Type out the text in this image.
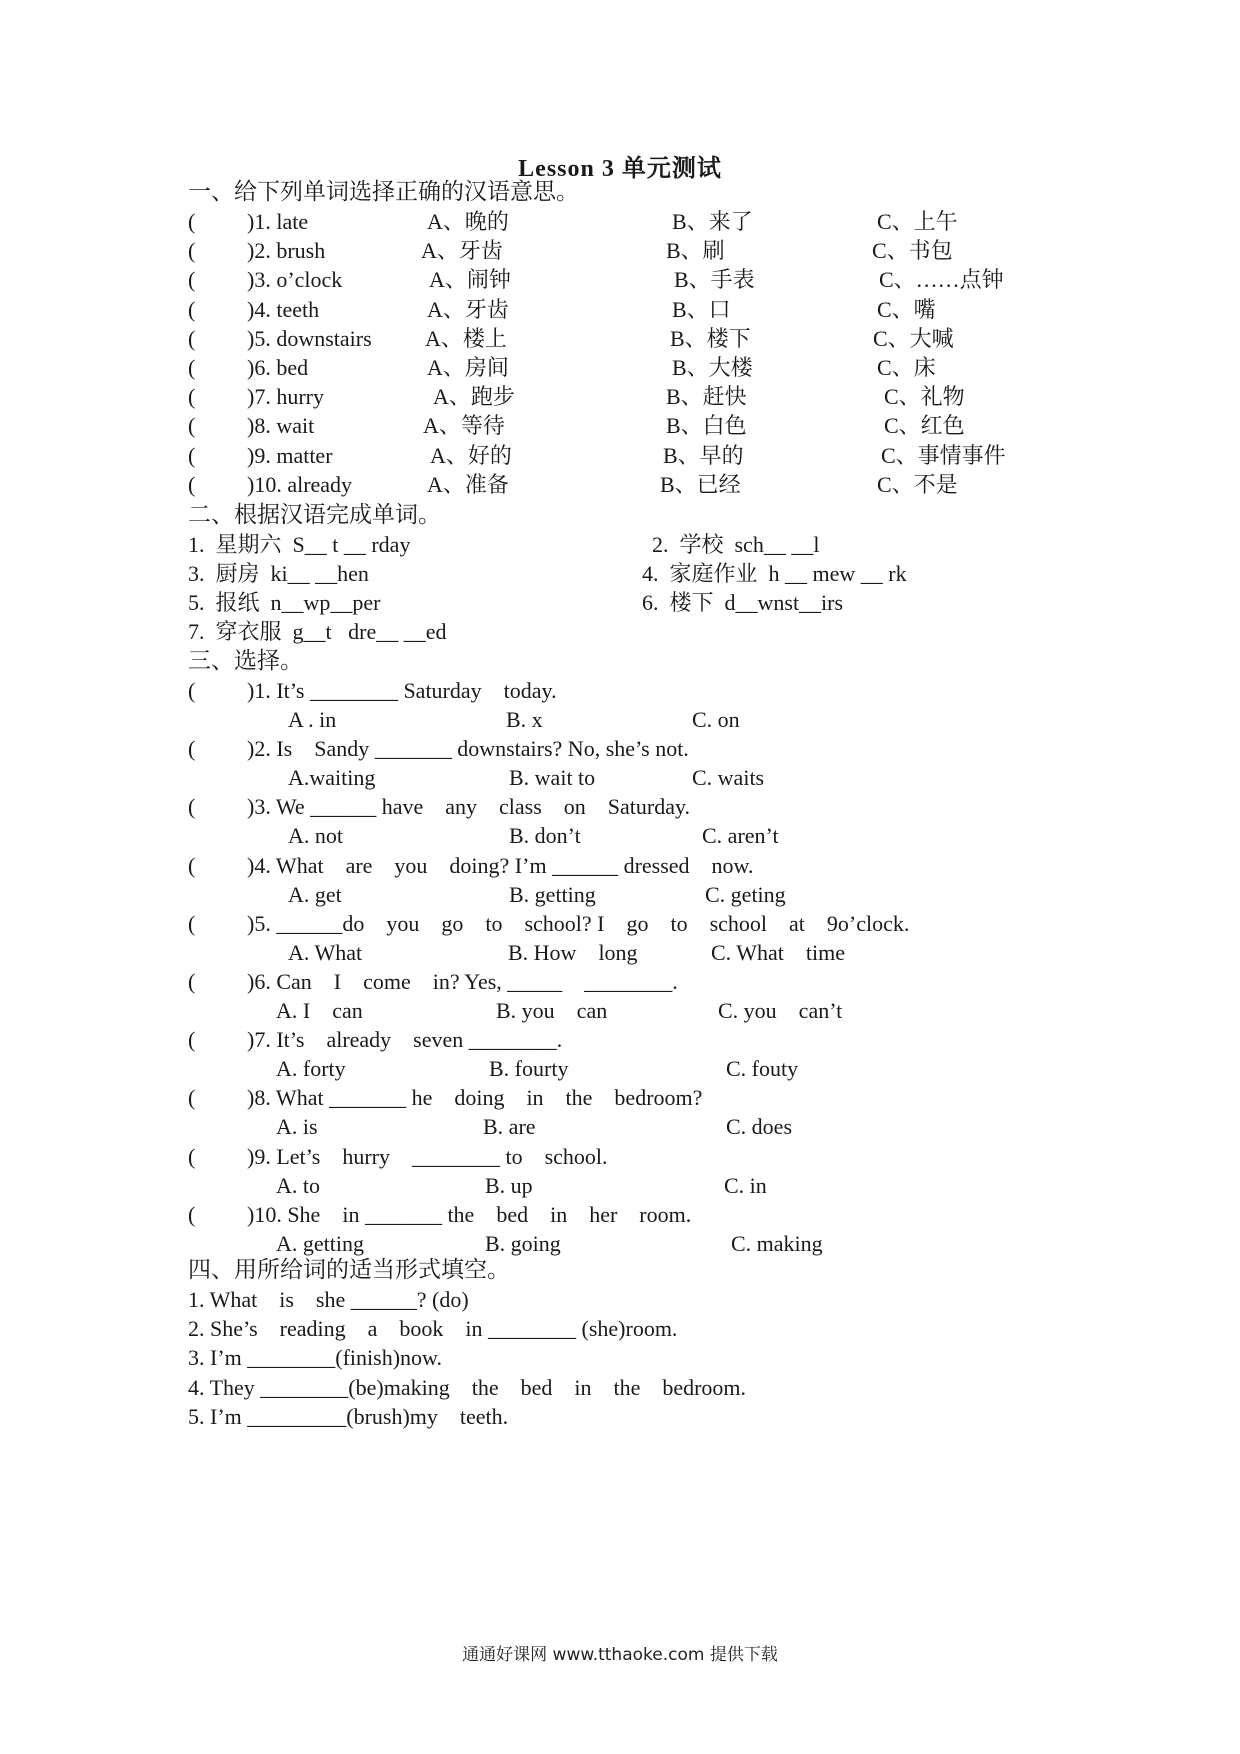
Lesson 3 单元测试
一、给下列单词选择正确的汉语意思。
( )1. late	A、晚的	B、来了	C、上午
( )2. brush	A、牙齿	B、刷	C、书包
( )3. o’clock	A、闹钟	B、手表	C、……点钟
( )4. teeth	A、牙齿	B、口	C、嘴
( )5. downstairs A、楼上	B、楼下	C、大喊
( )6. bed	A、房间	B、大楼	C、床
( )7. hurry	A、跑步	B、赶快	C、礼物
( )8. wait	A、等待	B、白色	C、红色
( )9. matter	A、好的	B、早的	C、事情事件
( )10. already	A、准备	B、已经	C、不是
二、根据汉语完成单词。
1.  星期六  S__ t __ rday	2.  学校  sch__ __l
3.  厨房  ki__ __hen	4.  家庭作业  h __ mew __ rk
5.  报纸  n__wp__per	6.  楼下  d__wnst__irs
7.  穿衣服  g__t   dre__ __ed
三、选择。
( )1. It’s ________ Saturday    today.
A . in	B. x	C. on
( )2. Is    Sandy _______ downstairs? No, she’s not.
A.waiting	B. wait to	C. waits
( )3. We ______ have    any    class    on    Saturday.
A. not	B. don’t	C. aren’t
( )4. What    are    you    doing? I’m ______ dressed    now.
A. get	B. getting	C. geting
( )5. ______do    you    go    to    school? I    go    to    school    at    9o’clock.
A. What	B. How    long	C. What    time
( )6. Can    I    come    in? Yes, _____    ________.
A. I    can	B. you    can	C. you    can’t
( )7. It’s    already    seven ________.
A. forty	B. fourty	C. fouty
( )8. What _______ he    doing    in    the    bedroom?
A. is	B. are	C. does
( )9. Let’s    hurry    ________ to    school.
A. to	B. up	C. in
( )10. She    in _______ the    bed    in    her    room.
A. getting	B. going	C. making
四、用所给词的适当形式填空。
1. What    is    she ______? (do)
2. She’s    reading    a    book    in ________ (she)room.
3. I’m ________(finish)now.
4. They ________(be)making    the    bed    in    the    bedroom.
5. I’m _________(brush)my    teeth.
通通好课网 www.tthaoke.com 提供下载
